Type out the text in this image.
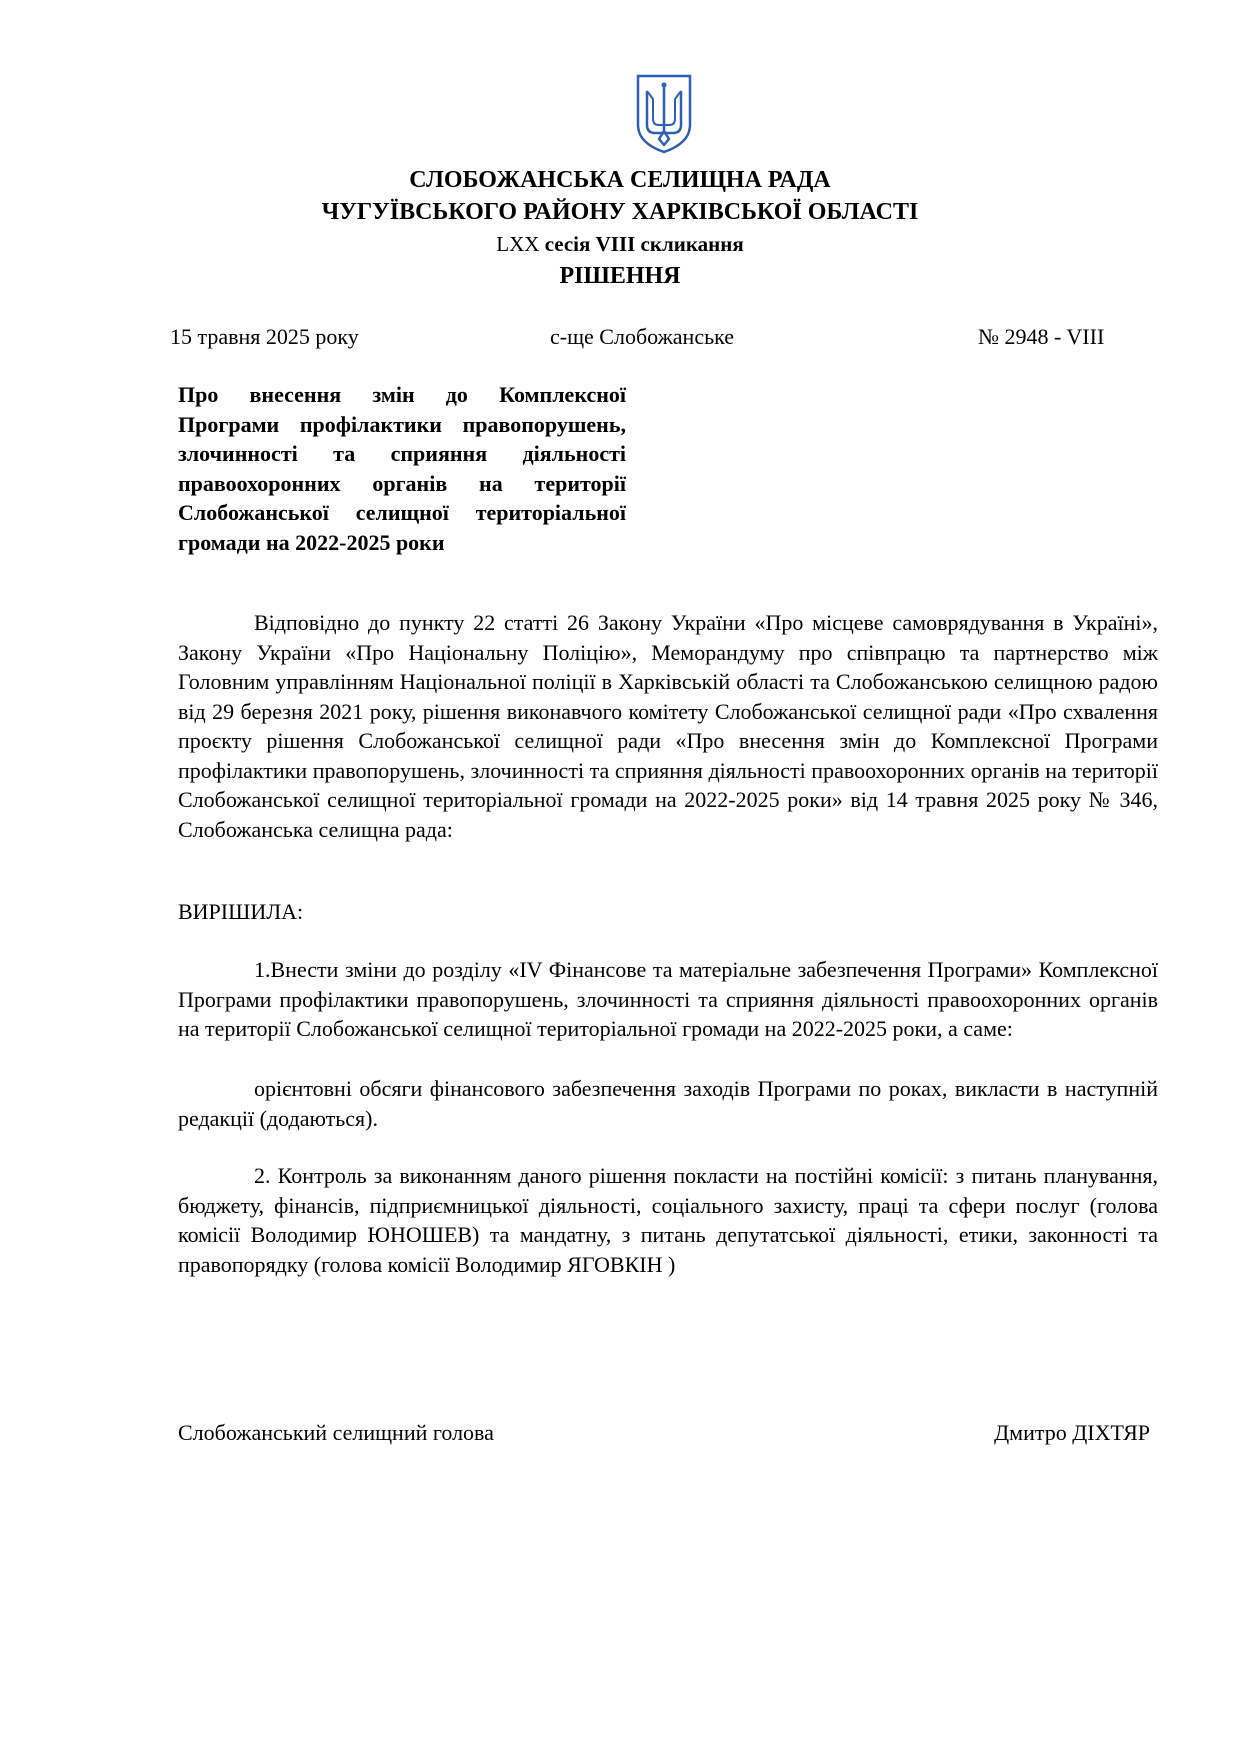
СЛОБОЖАНСЬКА СЕЛИЩНА РАДА
ЧУГУЇВСЬКОГО РАЙОНУ ХАРКІВСЬКОЇ ОБЛАСТІ
LXX сесія VIII скликання
РІШЕННЯ
15 травня 2025 року	с-ще Слобожанське	№ 2948 - VIII
Про внесення змін до Комплексної Програми профілактики правопорушень, злочинності та сприяння діяльності правоохоронних органів на території Слобожанської селищної територіальної громади на 2022-2025 роки
Відповідно до пункту 22 статті 26 Закону України «Про місцеве самоврядування в Україні», Закону України «Про Національну Поліцію», Меморандуму про співпрацю та партнерство між Головним управлінням Національної поліції в Харківській області та Слобожанською селищною радою від 29 березня 2021 року, рішення виконавчого комітету Слобожанської селищної ради «Про схвалення проєкту рішення Слобожанської селищної ради «Про внесення змін до Комплексної Програми профілактики правопорушень, злочинності та сприяння діяльності правоохоронних органів на території Слобожанської селищної територіальної громади на 2022-2025 роки» від 14 травня 2025 року № 346, Слобожанська селищна рада:
ВИРІШИЛА:
1.Внести зміни до розділу «IV Фінансове та матеріальне забезпечення Програми» Комплексної Програми профілактики правопорушень, злочинності та сприяння діяльності правоохоронних органів на території Слобожанської селищної територіальної громади на 2022-2025 роки, а саме:
орієнтовні обсяги фінансового забезпечення заходів Програми по роках, викласти в наступній редакції (додаються).
2. Контроль за виконанням даного рішення покласти на постійні комісії: з питань планування, бюджету, фінансів, підприємницької діяльності, соціального захисту, праці та сфери послуг (голова комісії Володимир ЮНОШЕВ) та мандатну, з питань депутатської діяльності, етики, законності та правопорядку (голова комісії Володимир ЯГОВКІН )
Слобожанський селищний голова	Дмитро ДІХТЯР
